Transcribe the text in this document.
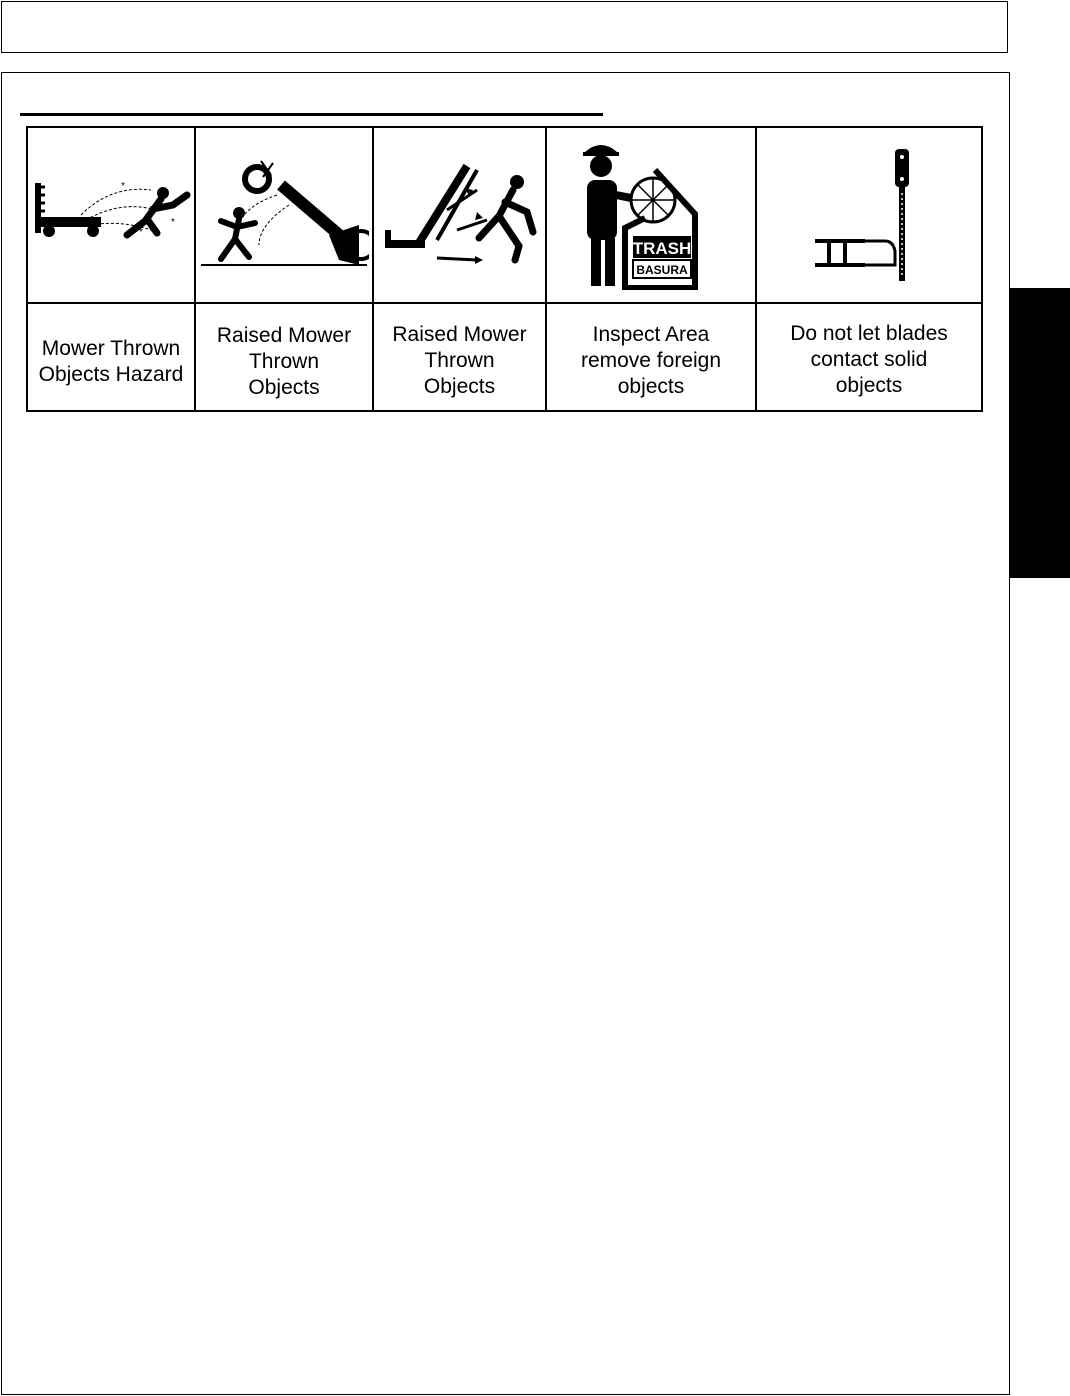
*
*
*			TRASH
BASURA

Mower Thrown
Objects Hazard	Raised Mower
Thrown
Objects	Raised Mower
Thrown
Objects	Inspect Area
remove foreign
objects	Do not let blades
contact solid
objects
